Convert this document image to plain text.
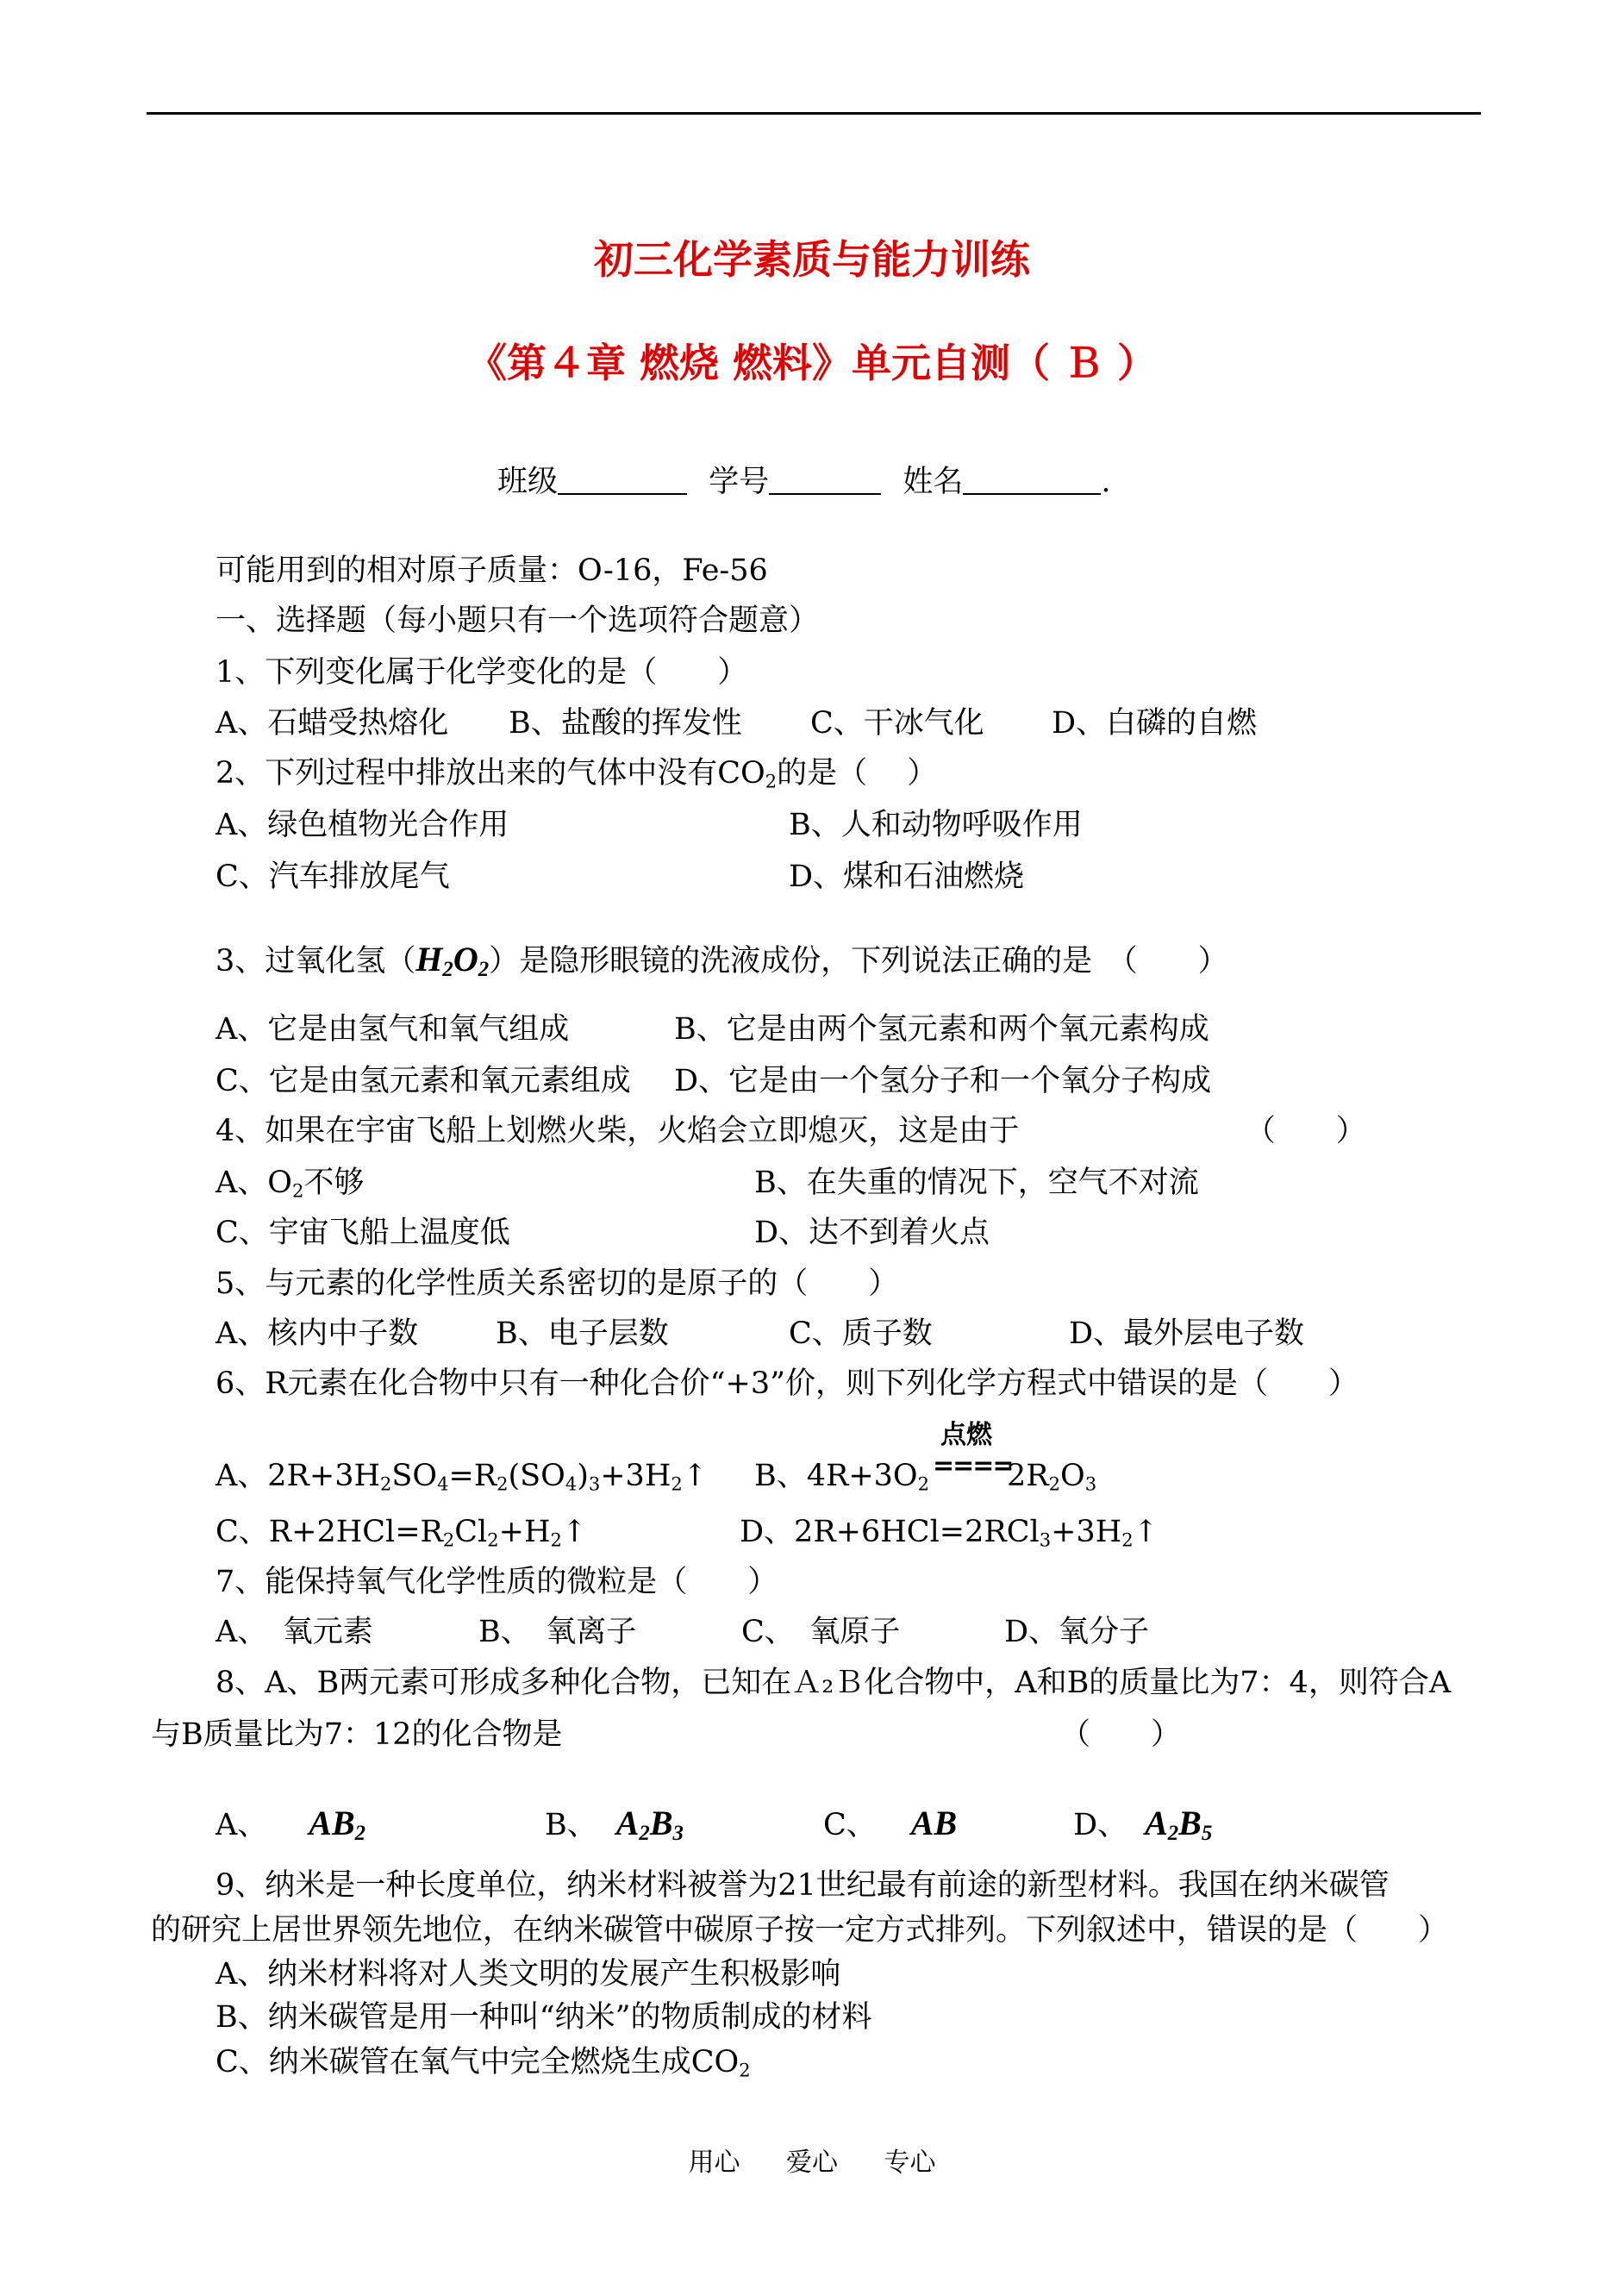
初三化学素质与能力训练
《第４章 燃烧 燃料》单元自测（ Ｂ ）
班级	学号	姓名	.
可能用到的相对原子质量：O-16，Fe-56
一、选择题（每小题只有一个选项符合题意）
1、下列变化属于化学变化的是（　　）
A、石蜡受热熔化 B、盐酸的挥发性 C、干冰气化 D、白磷的自燃
2、下列过程中排放出来的气体中没有$CO_2$的是（　 ）
A、绿色植物光合作用	B、人和动物呼吸作用
C、汽车排放尾气	D、煤和石油燃烧
3、过氧化氢$(H_2O_2)$是隐形眼镜的洗液成份，下列说法正确的是　（　　）
A、它是由氢气和氧气组成	B、它是由两个氢元素和两个氧元素构成
C、它是由氢元素和氧元素组成 D、它是由一个氢分子和一个氧分子构成
4、如果在宇宙飞船上划燃火柴，火焰会立即熄灭，这是由于　　　　　　　　（　　）
A、$O_2$不够	B、在失重的情况下，空气不对流
C、宇宙飞船上温度低	D、达不到着火点
5、与元素的化学性质关系密切的是原子的（　　）
A、核内中子数	B、电子层数	C、质子数	D、最外层电子数
6、R元素在化合物中只有一种化合价“+3”价，则下列化学方程式中错误的是（　　）
A、$2R+3H_2SO_4=R_2(SO_4)_3+3H_2↑$ B、$4R+3O_2$
点燃
====
$2R_2O_3$
C、$R+2HCl=R_2Cl_2+H_2↑$	D、$2R+6HCl=2RCl_3+3H_2↑$
7、能保持氧气化学性质的微粒是（　　）
A、　氧元素	B、　氧离子	C、　氧原子	D、氧分子
8、A、B两元素可形成多种化合物，已知在Ａ₂Ｂ化合物中，A和B的质量比为7：4，则符合A
与B质量比为7：12的化合物是　　　　　　　　　　　　　　　　　（　　）
A、 $AB_2$	B、 $A_2B_3$	C、 AB	D、 $A_2B_5$
9、纳米是一种长度单位，纳米材料被誉为21世纪最有前途的新型材料。我国在纳米碳管
的研究上居世界领先地位，在纳米碳管中碳原子按一定方式排列。下列叙述中，错误的是（　　）
A、纳米材料将对人类文明的发展产生积极影响
B、纳米碳管是用一种叫“纳米”的物质制成的材料
C、纳米碳管在氧气中完全燃烧生成$CO_2$
用心 爱心 专心
